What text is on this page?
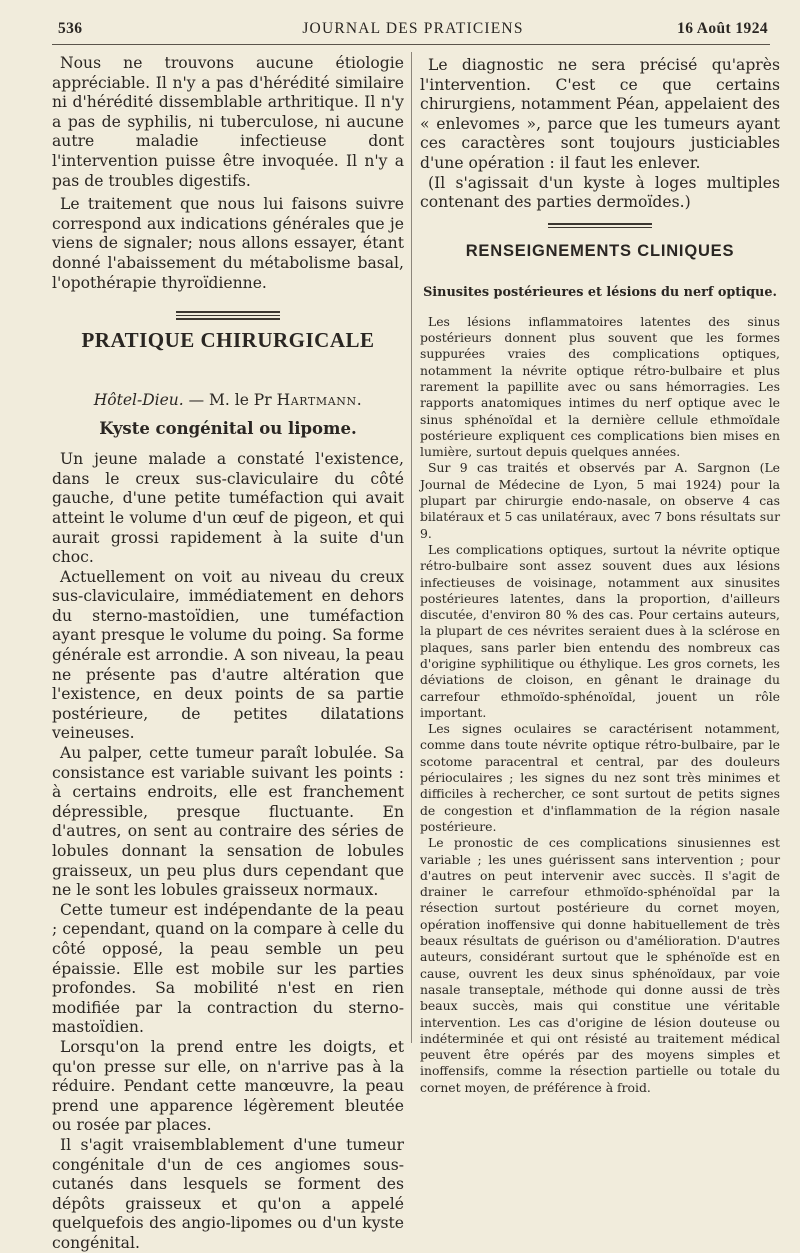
536	JOURNAL DES PRATICIENS	16 Août 1924

Nous ne trouvons aucune étiologie appréciable. Il n'y a pas d'hérédité similaire ni d'hérédité dissemblable arthritique. Il n'y a pas de syphilis, ni tuberculose, ni aucune autre maladie infectieuse dont l'intervention puisse être invoquée. Il n'y a pas de troubles digestifs.

Le traitement que nous lui faisons suivre correspond aux indications générales que je viens de signaler; nous allons essayer, étant donné l'abaissement du métabolisme basal, l'opothérapie thyroïdienne.

PRATIQUE CHIRURGICALE
Hôtel-Dieu. — M. le Pr Hartmann.
Kyste congénital ou lipome.

Un jeune malade a constaté l'existence, dans le creux sus-claviculaire du côté gauche, d'une petite tuméfaction qui avait atteint le volume d'un œuf de pigeon, et qui aurait grossi rapidement à la suite d'un choc.

Actuellement on voit au niveau du creux sus-claviculaire, immédiatement en dehors du sterno-mastoïdien, une tuméfaction ayant presque le volume du poing. Sa forme générale est arrondie. A son niveau, la peau ne présente pas d'autre altération que l'existence, en deux points de sa partie postérieure, de petites dilatations veineuses.

Au palper, cette tumeur paraît lobulée. Sa consistance est variable suivant les points : à certains endroits, elle est franchement dépressible, presque fluctuante. En d'autres, on sent au contraire des séries de lobules donnant la sensation de lobules graisseux, un peu plus durs cependant que ne le sont les lobules graisseux normaux.

Cette tumeur est indépendante de la peau ; cependant, quand on la compare à celle du côté opposé, la peau semble un peu épaissie. Elle est mobile sur les parties profondes. Sa mobilité n'est en rien modifiée par la contraction du sterno-mastoïdien.

Lorsqu'on la prend entre les doigts, et qu'on presse sur elle, on n'arrive pas à la réduire. Pendant cette manœuvre, la peau prend une apparence légèrement bleutée ou rosée par places.

Il s'agit vraisemblablement d'une tumeur congénitale d'un de ces angiomes sous-cutanés dans lesquels se forment des dépôts graisseux et qu'on a appelé quelquefois des angio-lipomes ou d'un kyste congénital.

Le diagnostic ne sera précisé qu'après l'intervention. C'est ce que certains chirurgiens, notamment Péan, appelaient des « enlevomes », parce que les tumeurs ayant ces caractères sont toujours justiciables d'une opération : il faut les enlever.

(Il s'agissait d'un kyste à loges multiples contenant des parties dermoïdes.)

RENSEIGNEMENTS CLINIQUES
Sinusites postérieures et lésions du nerf optique.

Les lésions inflammatoires latentes des sinus postérieurs donnent plus souvent que les formes suppurées vraies des complications optiques, notamment la névrite optique rétro-bulbaire et plus rarement la papillite avec ou sans hémorragies. Les rapports anatomiques intimes du nerf optique avec le sinus sphénoïdal et la dernière cellule ethmoïdale postérieure expliquent ces complications bien mises en lumière, surtout depuis quelques années.

Sur 9 cas traités et observés par A. Sargnon (Le Journal de Médecine de Lyon, 5 mai 1924) pour la plupart par chirurgie endo-nasale, on observe 4 cas bilatéraux et 5 cas unilatéraux, avec 7 bons résultats sur 9.

Les complications optiques, surtout la névrite optique rétro-bulbaire sont assez souvent dues aux lésions infectieuses de voisinage, notamment aux sinusites postérieures latentes, dans la proportion, d'ailleurs discutée, d'environ 80 % des cas. Pour certains auteurs, la plupart de ces névrites seraient dues à la sclérose en plaques, sans parler bien entendu des nombreux cas d'origine syphilitique ou éthylique. Les gros cornets, les déviations de cloison, en gênant le drainage du carrefour ethmoïdo-sphénoïdal, jouent un rôle important.

Les signes oculaires se caractérisent notamment, comme dans toute névrite optique rétro-bulbaire, par le scotome paracentral et central, par des douleurs périoculaires ; les signes du nez sont très minimes et difficiles à rechercher, ce sont surtout de petits signes de congestion et d'inflammation de la région nasale postérieure.

Le pronostic de ces complications sinusiennes est variable ; les unes guérissent sans intervention ; pour d'autres on peut intervenir avec succès. Il s'agit de drainer le carrefour ethmoïdo-sphénoïdal par la résection surtout postérieure du cornet moyen, opération inoffensive qui donne habituellement de très beaux résultats de guérison ou d'amélioration. D'autres auteurs, considérant surtout que le sphénoïde est en cause, ouvrent les deux sinus sphénoïdaux, par voie nasale transeptale, méthode qui donne aussi de très beaux succès, mais qui constitue une véritable intervention. Les cas d'origine de lésion douteuse ou indéterminée et qui ont résisté au traitement médical peuvent être opérés par des moyens simples et inoffensifs, comme la résection partielle ou totale du cornet moyen, de préférence à froid.
